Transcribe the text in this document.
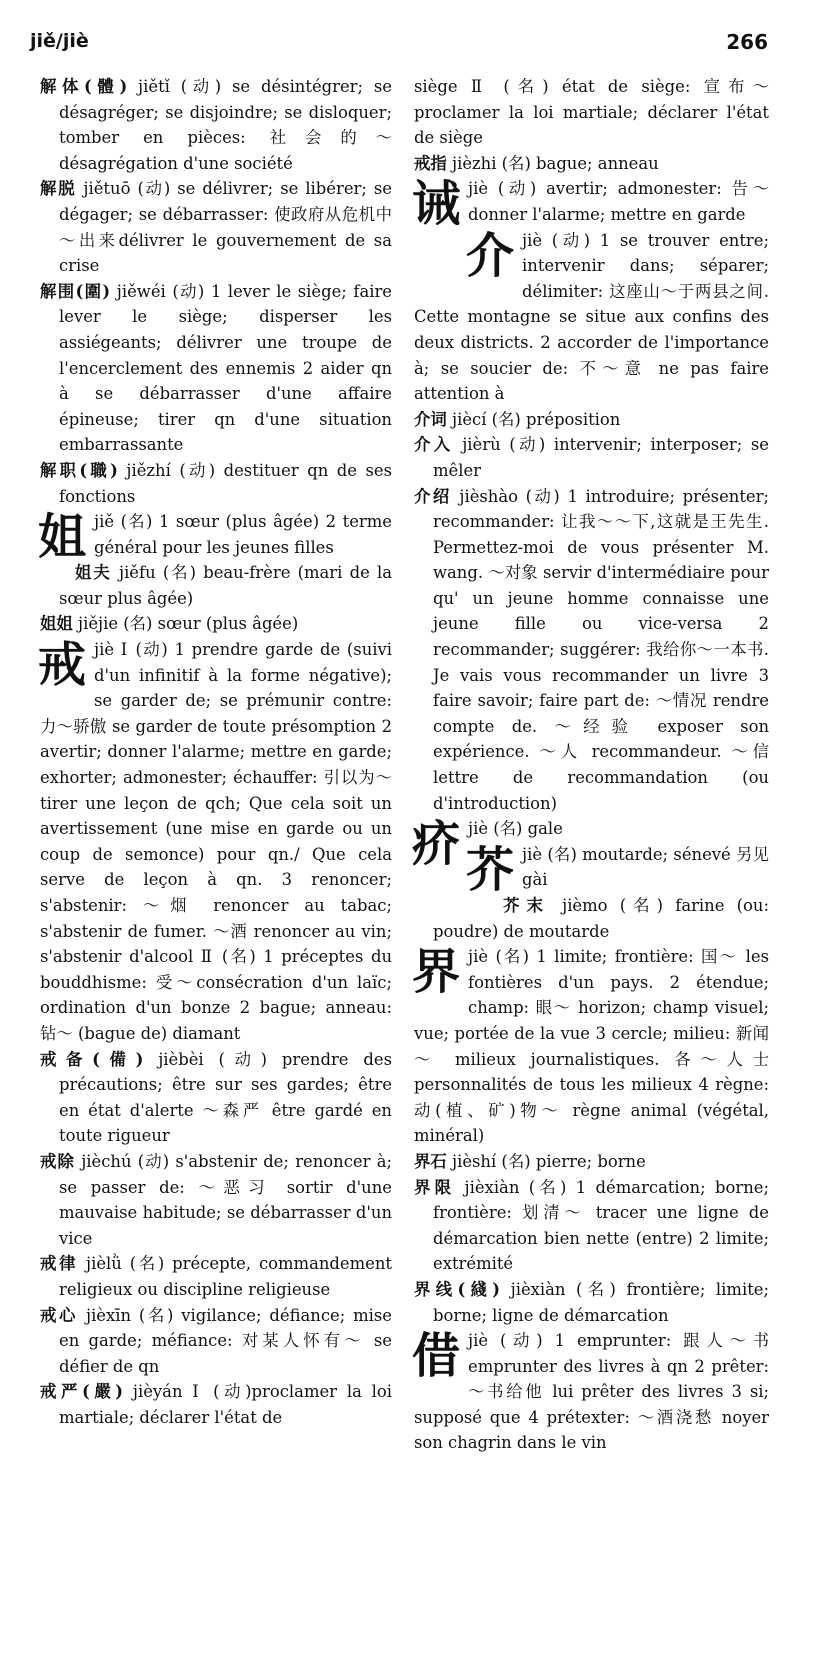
jiě/jiè	266

解体(體) jiětǐ (动) se désintégrer; se désagréger; se disjoindre; se disloquer; tomber en pièces: 社会的～ désagrégation d'une société

解脱 jiětuō (动) se délivrer; se libérer; se dégager; se débarrasser: 使政府从危机中～出来délivrer le gouvernement de sa crise

解围(圍) jiěwéi (动) 1 lever le siège; faire lever le siège; disperser les assiégeants; délivrer une troupe de l'encerclement des ennemis 2 aider qn à se débarrasser d'une affaire épineuse; tirer qn d'une situation embarrassante

解职(職) jiězhí (动) destituer qn de ses fonctions

姐jiě (名) 1 sœur (plus âgée) 2 terme général pour les jeunes filles

姐夫 jiěfu (名) beau-frère (mari de la sœur plus âgée)

姐姐 jiějie (名) sœur (plus âgée)

戒jiè Ⅰ (动) 1 prendre garde de (suivi d'un infinitif à la forme négative); se garder de; se prémunir contre: 力～骄傲 se garder de toute présomption 2 avertir; donner l'alarme; mettre en garde; exhorter; admonester; échauffer: 引以为～ tirer une leçon de qch; Que cela soit un avertissement (une mise en garde ou un coup de semonce) pour qn./ Que cela serve de leçon à qn. 3 renoncer; s'abstenir: ～烟 renoncer au tabac; s'abstenir de fumer. ～酒 renoncer au vin; s'abstenir d'alcool Ⅱ (名) 1 préceptes du bouddhisme: 受～consécration d'un laïc; ordination d'un bonze 2 bague; anneau: 钻～ (bague de) diamant

戒备(備) jièbèi (动) prendre des précautions; être sur ses gardes; être en état d'alerte ～森严 être gardé en toute rigueur

戒除 jièchú (动) s'abstenir de; renoncer à; se passer de: ～恶习 sortir d'une mauvaise habitude; se débarrasser d'un vice

戒律 jièlǜ (名) précepte, commandement religieux ou discipline religieuse

戒心 jièxīn (名) vigilance; défiance; mise en garde; méfiance: 对某人怀有～ se défier de qn

戒严(嚴) jièyán Ⅰ (动)proclamer la loi martiale; déclarer l'état de

siège Ⅱ (名) état de siège: 宣布～ proclamer la loi martiale; déclarer l'état de siège

戒指 jièzhi (名) bague; anneau

诫jiè (动) avertir; admonester: 告～ donner l'alarme; mettre en garde

介jiè (动) 1 se trouver entre; intervenir dans; séparer; délimiter: 这座山～于两县之间. Cette montagne se situe aux confins des deux districts. 2 accorder de l'importance à; se soucier de: 不～意 ne pas faire attention à

介词 jiècí (名) préposition

介入 jièrù (动) intervenir; interposer; se mêler

介绍 jièshào (动) 1 introduire; présenter; recommander: 让我～～下,这就是王先生. Permettez-moi de vous présenter M. wang. ～对象 servir d'intermédiaire pour qu' un jeune homme connaisse une jeune fille ou vice-versa 2 recommander; suggérer: 我给你～一本书. Je vais vous recommander un livre 3 faire savoir; faire part de: ～情况 rendre compte de. ～经验 exposer son expérience. ～人 recommandeur. ～信 lettre de recommandation (ou d'introduction)

疥jiè (名) gale

芥jiè (名) moutarde; sénevé 另见 gài

芥末 jièmo (名) farine (ou: poudre) de moutarde

界jiè (名) 1 limite; frontière: 国～ les fontières d'un pays. 2 étendue; champ: 眼～ horizon; champ visuel; vue; portée de la vue 3 cercle; milieu: 新闻～ milieux journalistiques. 各～人士 personnalités de tous les milieux 4 règne: 动(植、矿)物～ règne animal (végétal, minéral)

界石 jièshí (名) pierre; borne

界限 jièxiàn (名) 1 démarcation; borne; frontière: 划清～ tracer une ligne de démarcation bien nette (entre) 2 limite; extrémité

界线(綫) jièxiàn (名) frontière; limite; borne; ligne de démarcation

借jiè (动) 1 emprunter: 跟人～书 emprunter des livres à qn 2 prêter: ～书给他 lui prêter des livres 3 si; supposé que 4 prétexter: ～酒浇愁 noyer son chagrin dans le vin
